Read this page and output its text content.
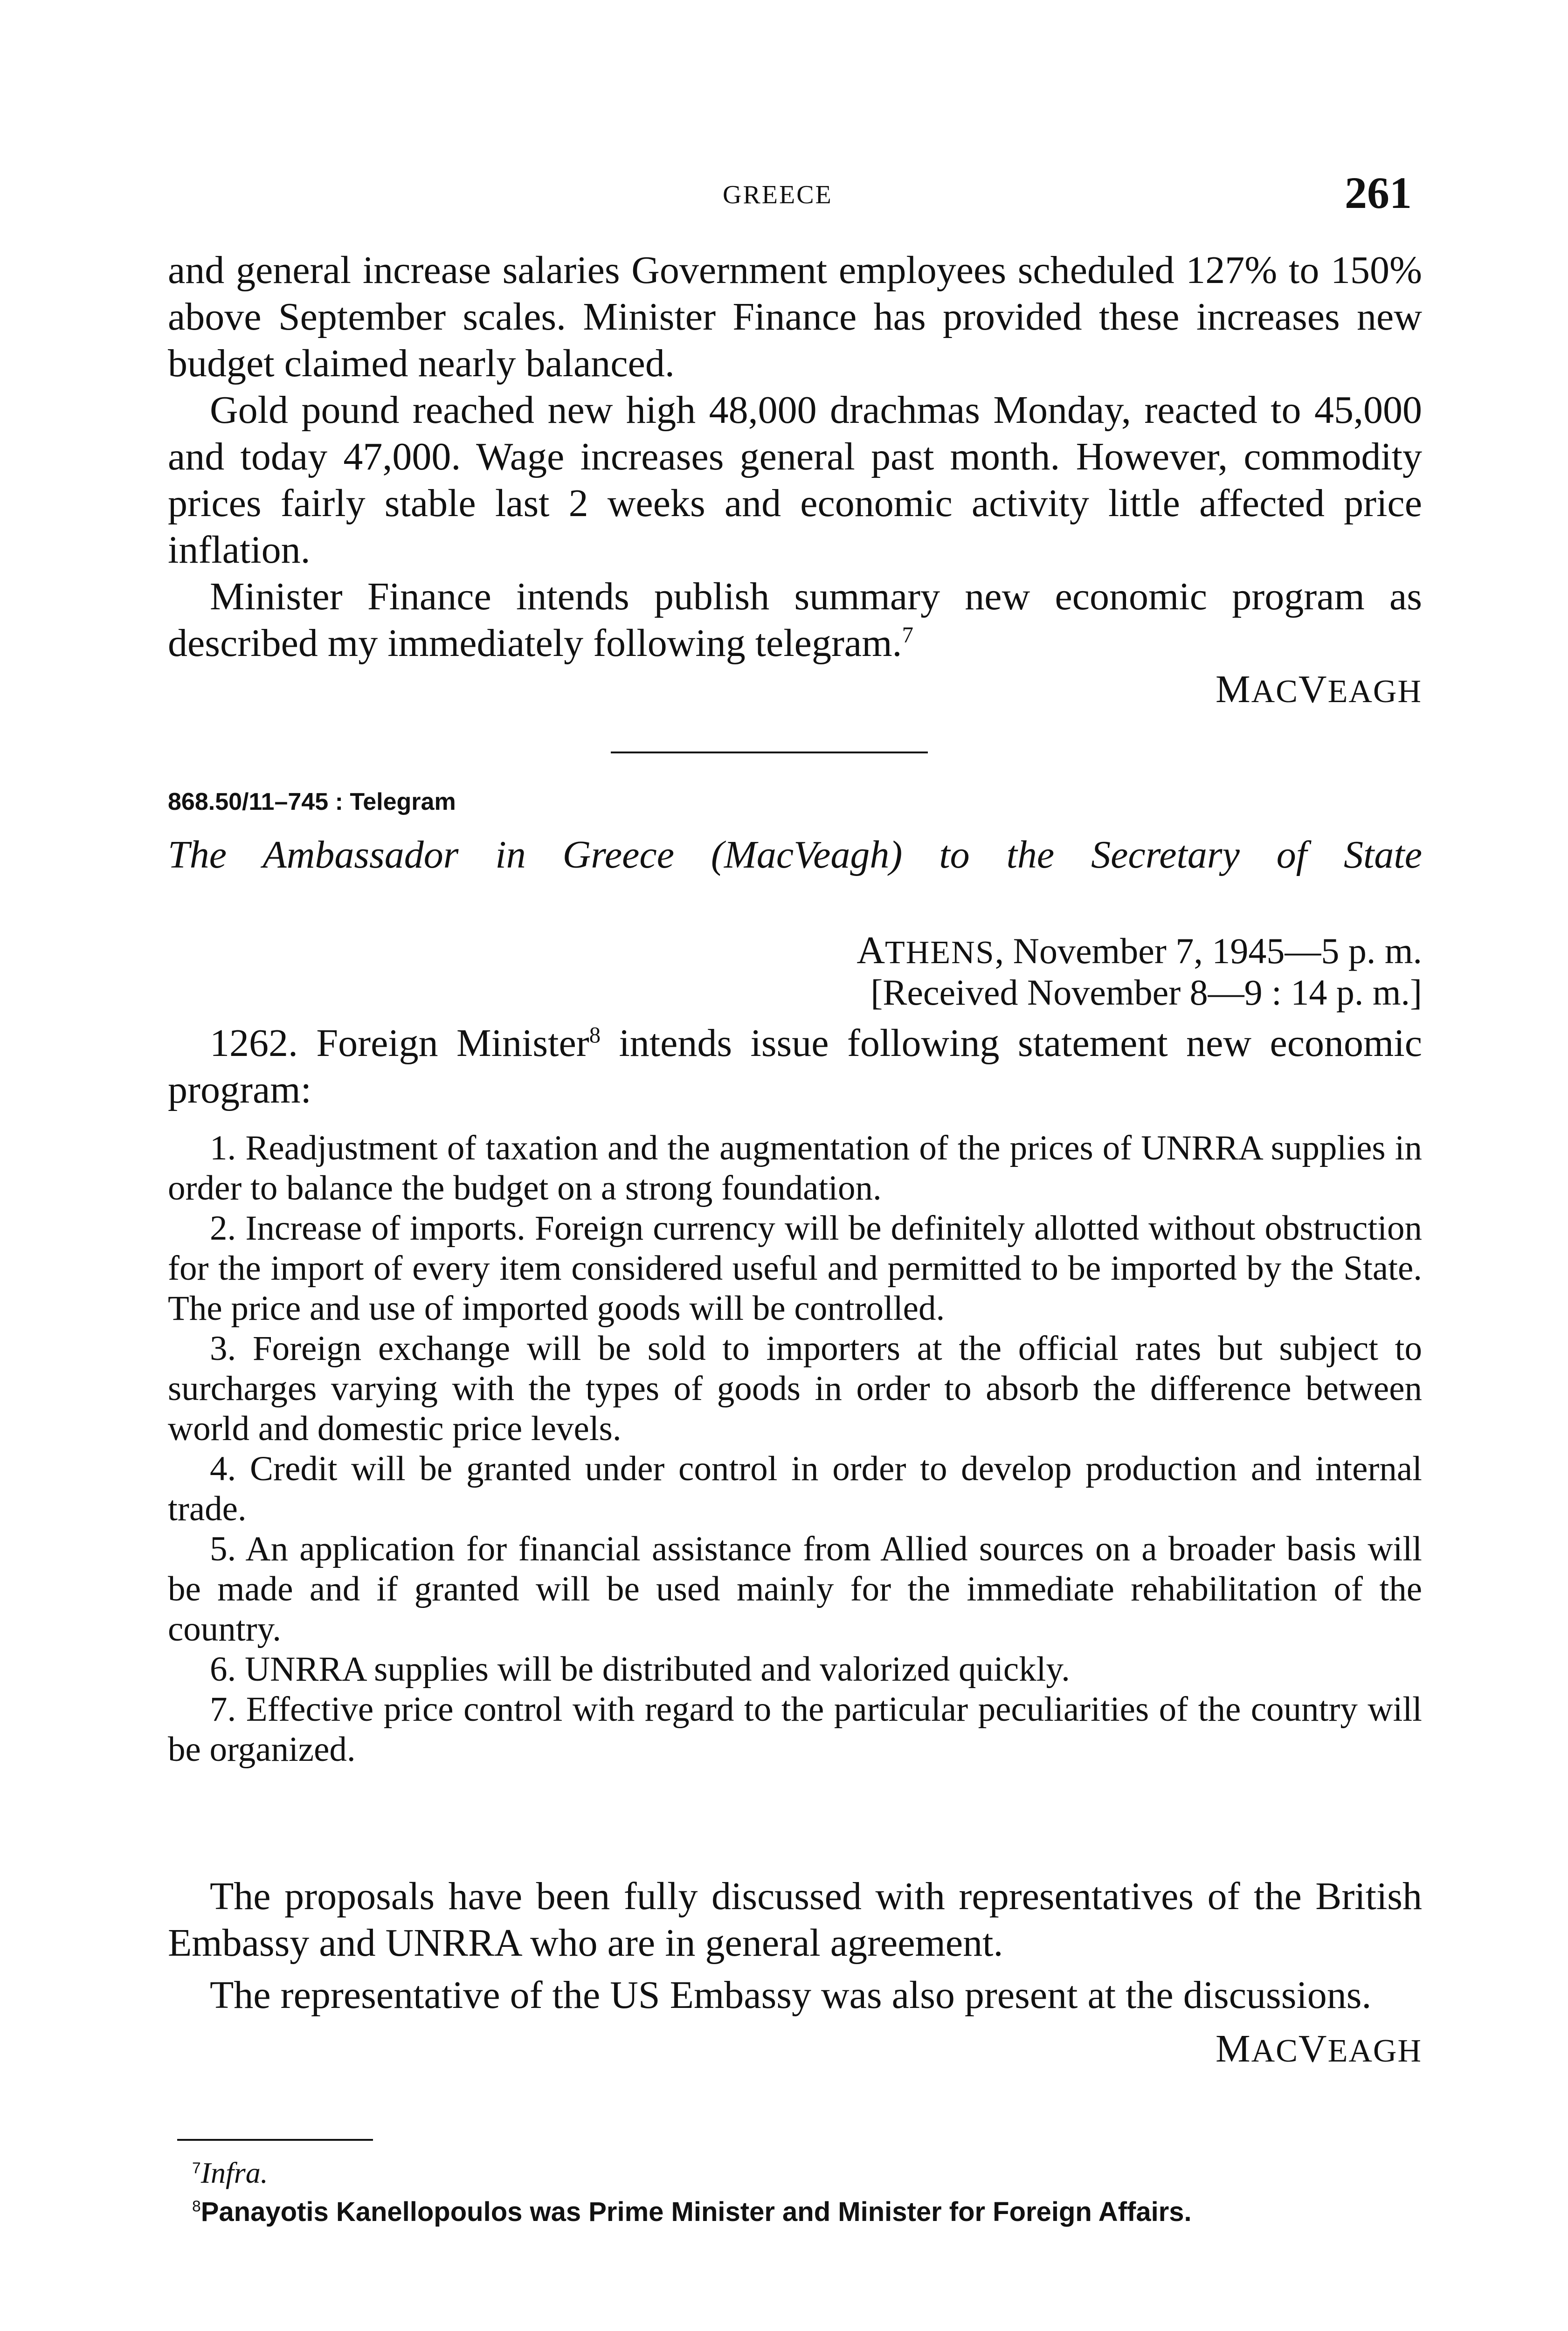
GREECE	261

and general increase salaries Government employees scheduled 127% to 150% above September scales. Minister Finance has provided these increases new budget claimed nearly balanced.

Gold pound reached new high 48,000 drachmas Monday, reacted to 45,000 and today 47,000. Wage increases general past month. However, commodity prices fairly stable last 2 weeks and economic activity little affected price inflation.

Minister Finance intends publish summary new economic program as described my immediately following telegram.$^7$

MACVEAGH

868.50/11–745 : Telegram
The Ambassador in Greece (MacVeagh) to the Secretary of State
ATHENS, November 7, 1945—5 p. m.
[Received November 8—9 : 14 p. m.]

1262. Foreign Minister$^8$ intends issue following statement new economic program:

1. Readjustment of taxation and the augmentation of the prices of UNRRA supplies in order to balance the budget on a strong foundation.

2. Increase of imports. Foreign currency will be definitely allotted without obstruction for the import of every item considered useful and permitted to be imported by the State. The price and use of imported goods will be controlled.

3. Foreign exchange will be sold to importers at the official rates but subject to surcharges varying with the types of goods in order to absorb the difference between world and domestic price levels.

4. Credit will be granted under control in order to develop production and internal trade.

5. An application for financial assistance from Allied sources on a broader basis will be made and if granted will be used mainly for the immediate rehabilitation of the country.

6. UNRRA supplies will be distributed and valorized quickly.

7. Effective price control with regard to the particular peculiarities of the country will be organized.

The proposals have been fully discussed with representatives of the British Embassy and UNRRA who are in general agreement.

The representative of the US Embassy was also present at the discussions.

MACVEAGH

$^7$Infra.

$^8$Panayotis Kanellopoulos was Prime Minister and Minister for Foreign Affairs.
